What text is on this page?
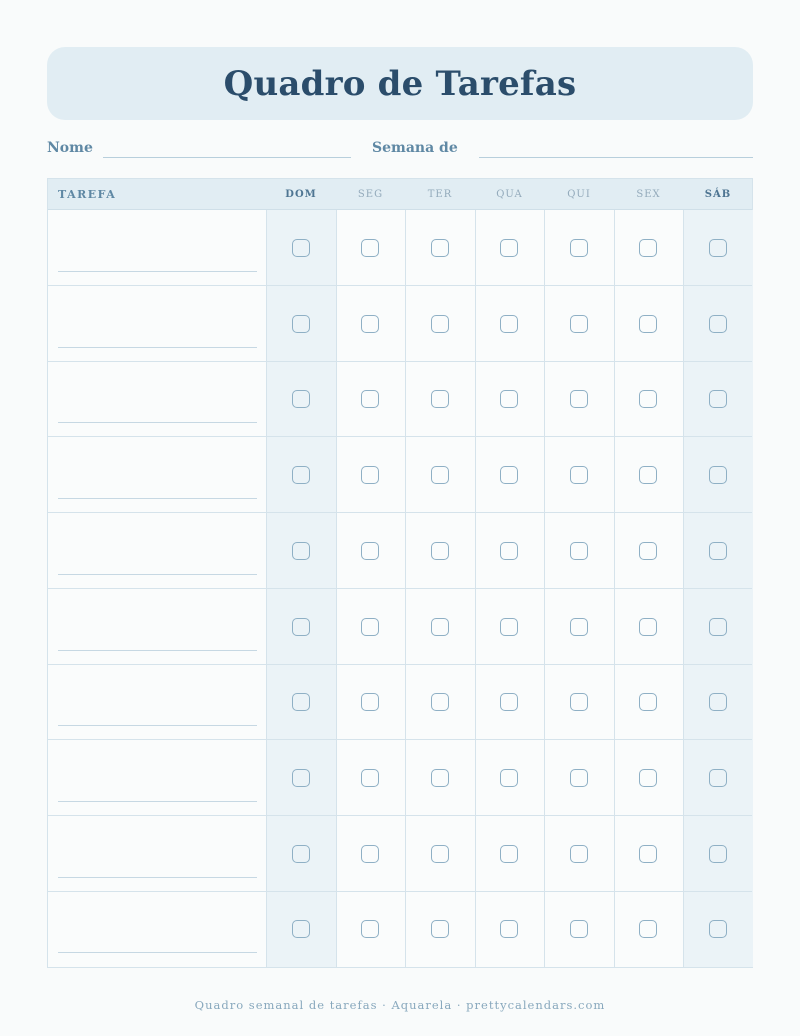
Quadro de Tarefas
Nome	Semana de
TAREFA	DOM	SEG	TER	QUA	QUI	SEX	SÁB
Quadro semanal de tarefas · Aquarela · prettycalendars.com
